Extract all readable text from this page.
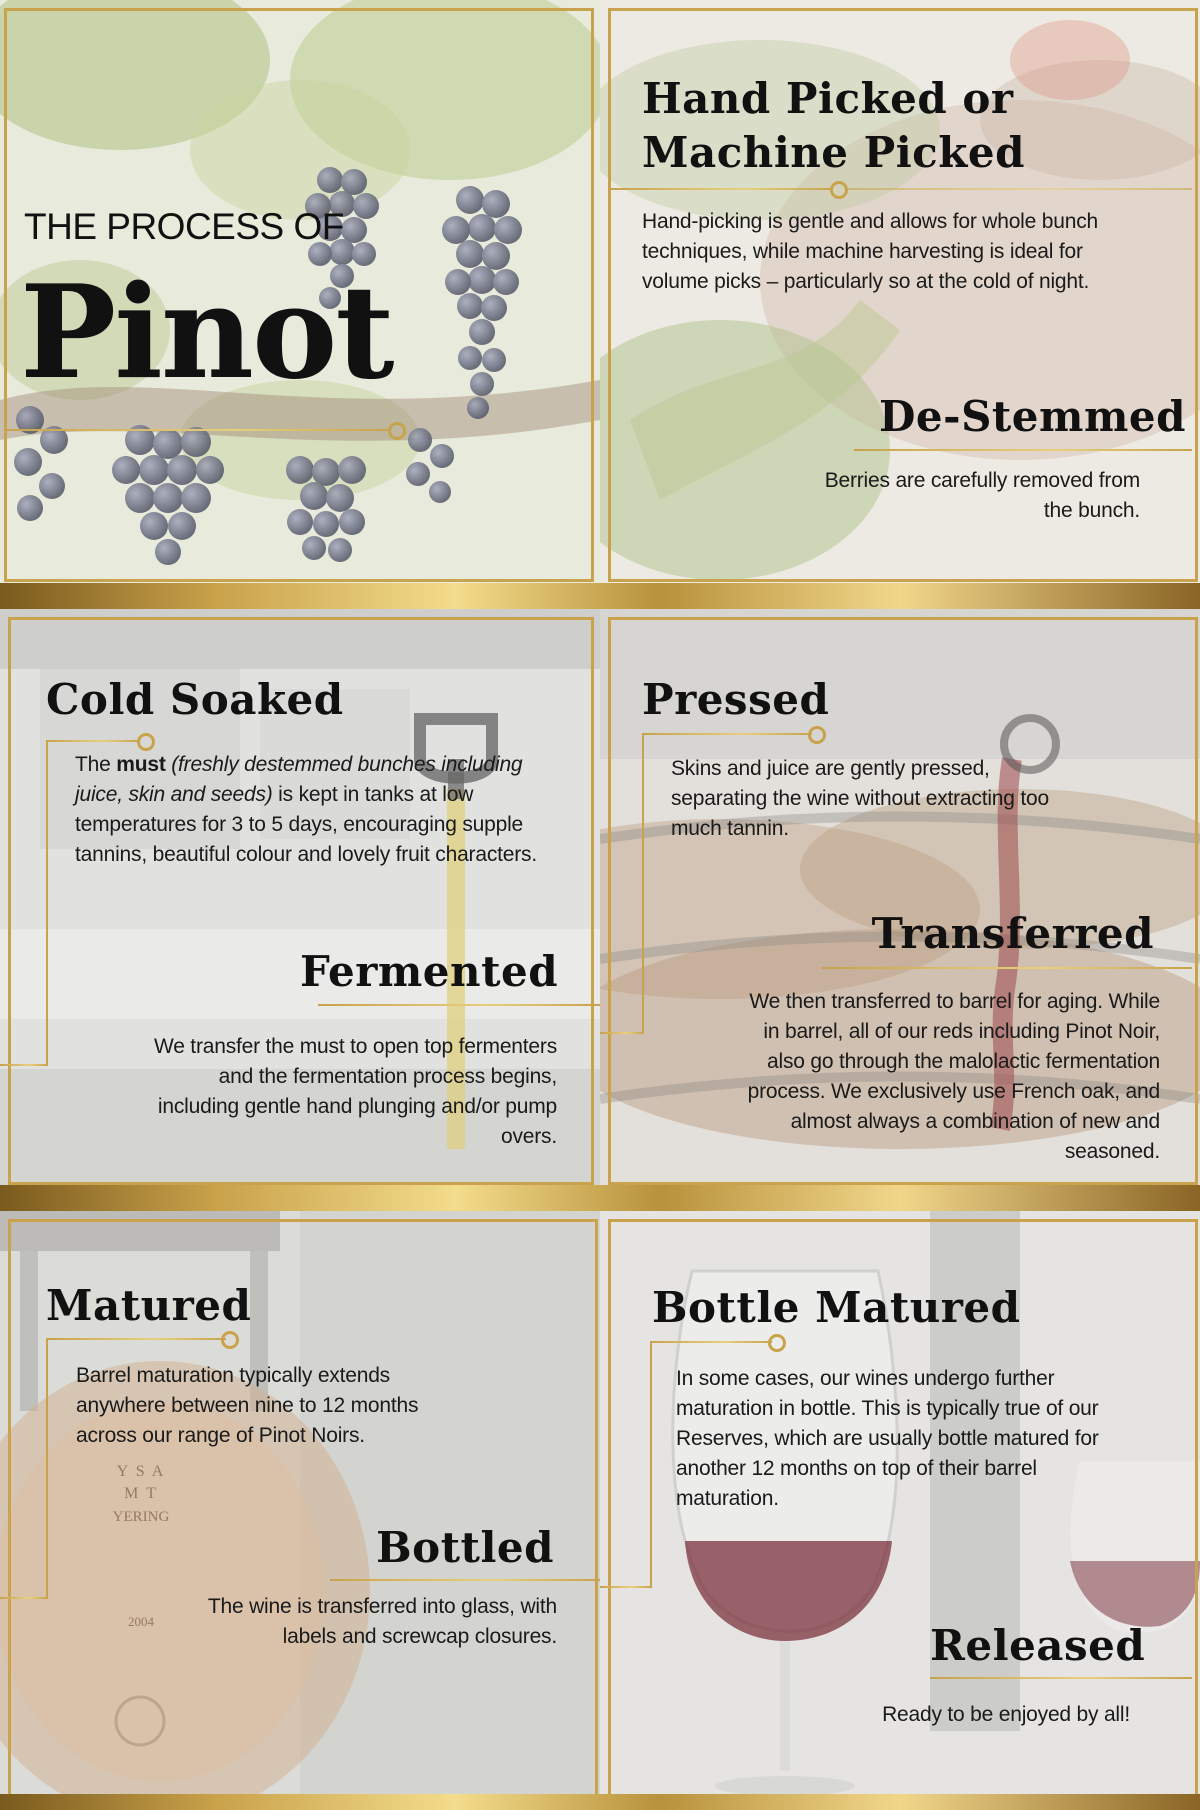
THE PROCESS OF
Pinot
Hand Picked or
Machine Picked
Hand-picking is gentle and allows for whole bunch techniques, while machine harvesting is ideal for volume picks – particularly so at the cold of night.
De-Stemmed
Berries are carefully removed from the bunch.
Cold Soaked
The must (freshly destemmed bunches including juice, skin and seeds) is kept in tanks at low temperatures for 3 to 5 days, encouraging supple tannins, beautiful colour and lovely fruit characters.
Fermented
We transfer the must to open top fermenters and the fermentation process begins, including gentle hand plunging and/or pump overs.
Pressed
Skins and juice are gently pressed, separating the wine without extracting too much tannin.
Transferred
We then transferred to barrel for aging. While in barrel, all of our reds including Pinot Noir, also go through the malolactic fermentation process. We exclusively use French oak, and almost always a combination of new and seasoned.
Y S A M T
YERING
2004
Matured
Barrel maturation typically extends anywhere between nine to 12 months across our range of Pinot Noirs.
Bottled
The wine is transferred into glass, with labels and screwcap closures.
Bottle Matured
In some cases, our wines undergo further maturation in bottle. This is typically true of our Reserves, which are usually bottle matured for another 12 months on top of their barrel maturation.
Released
Ready to be enjoyed by all!
